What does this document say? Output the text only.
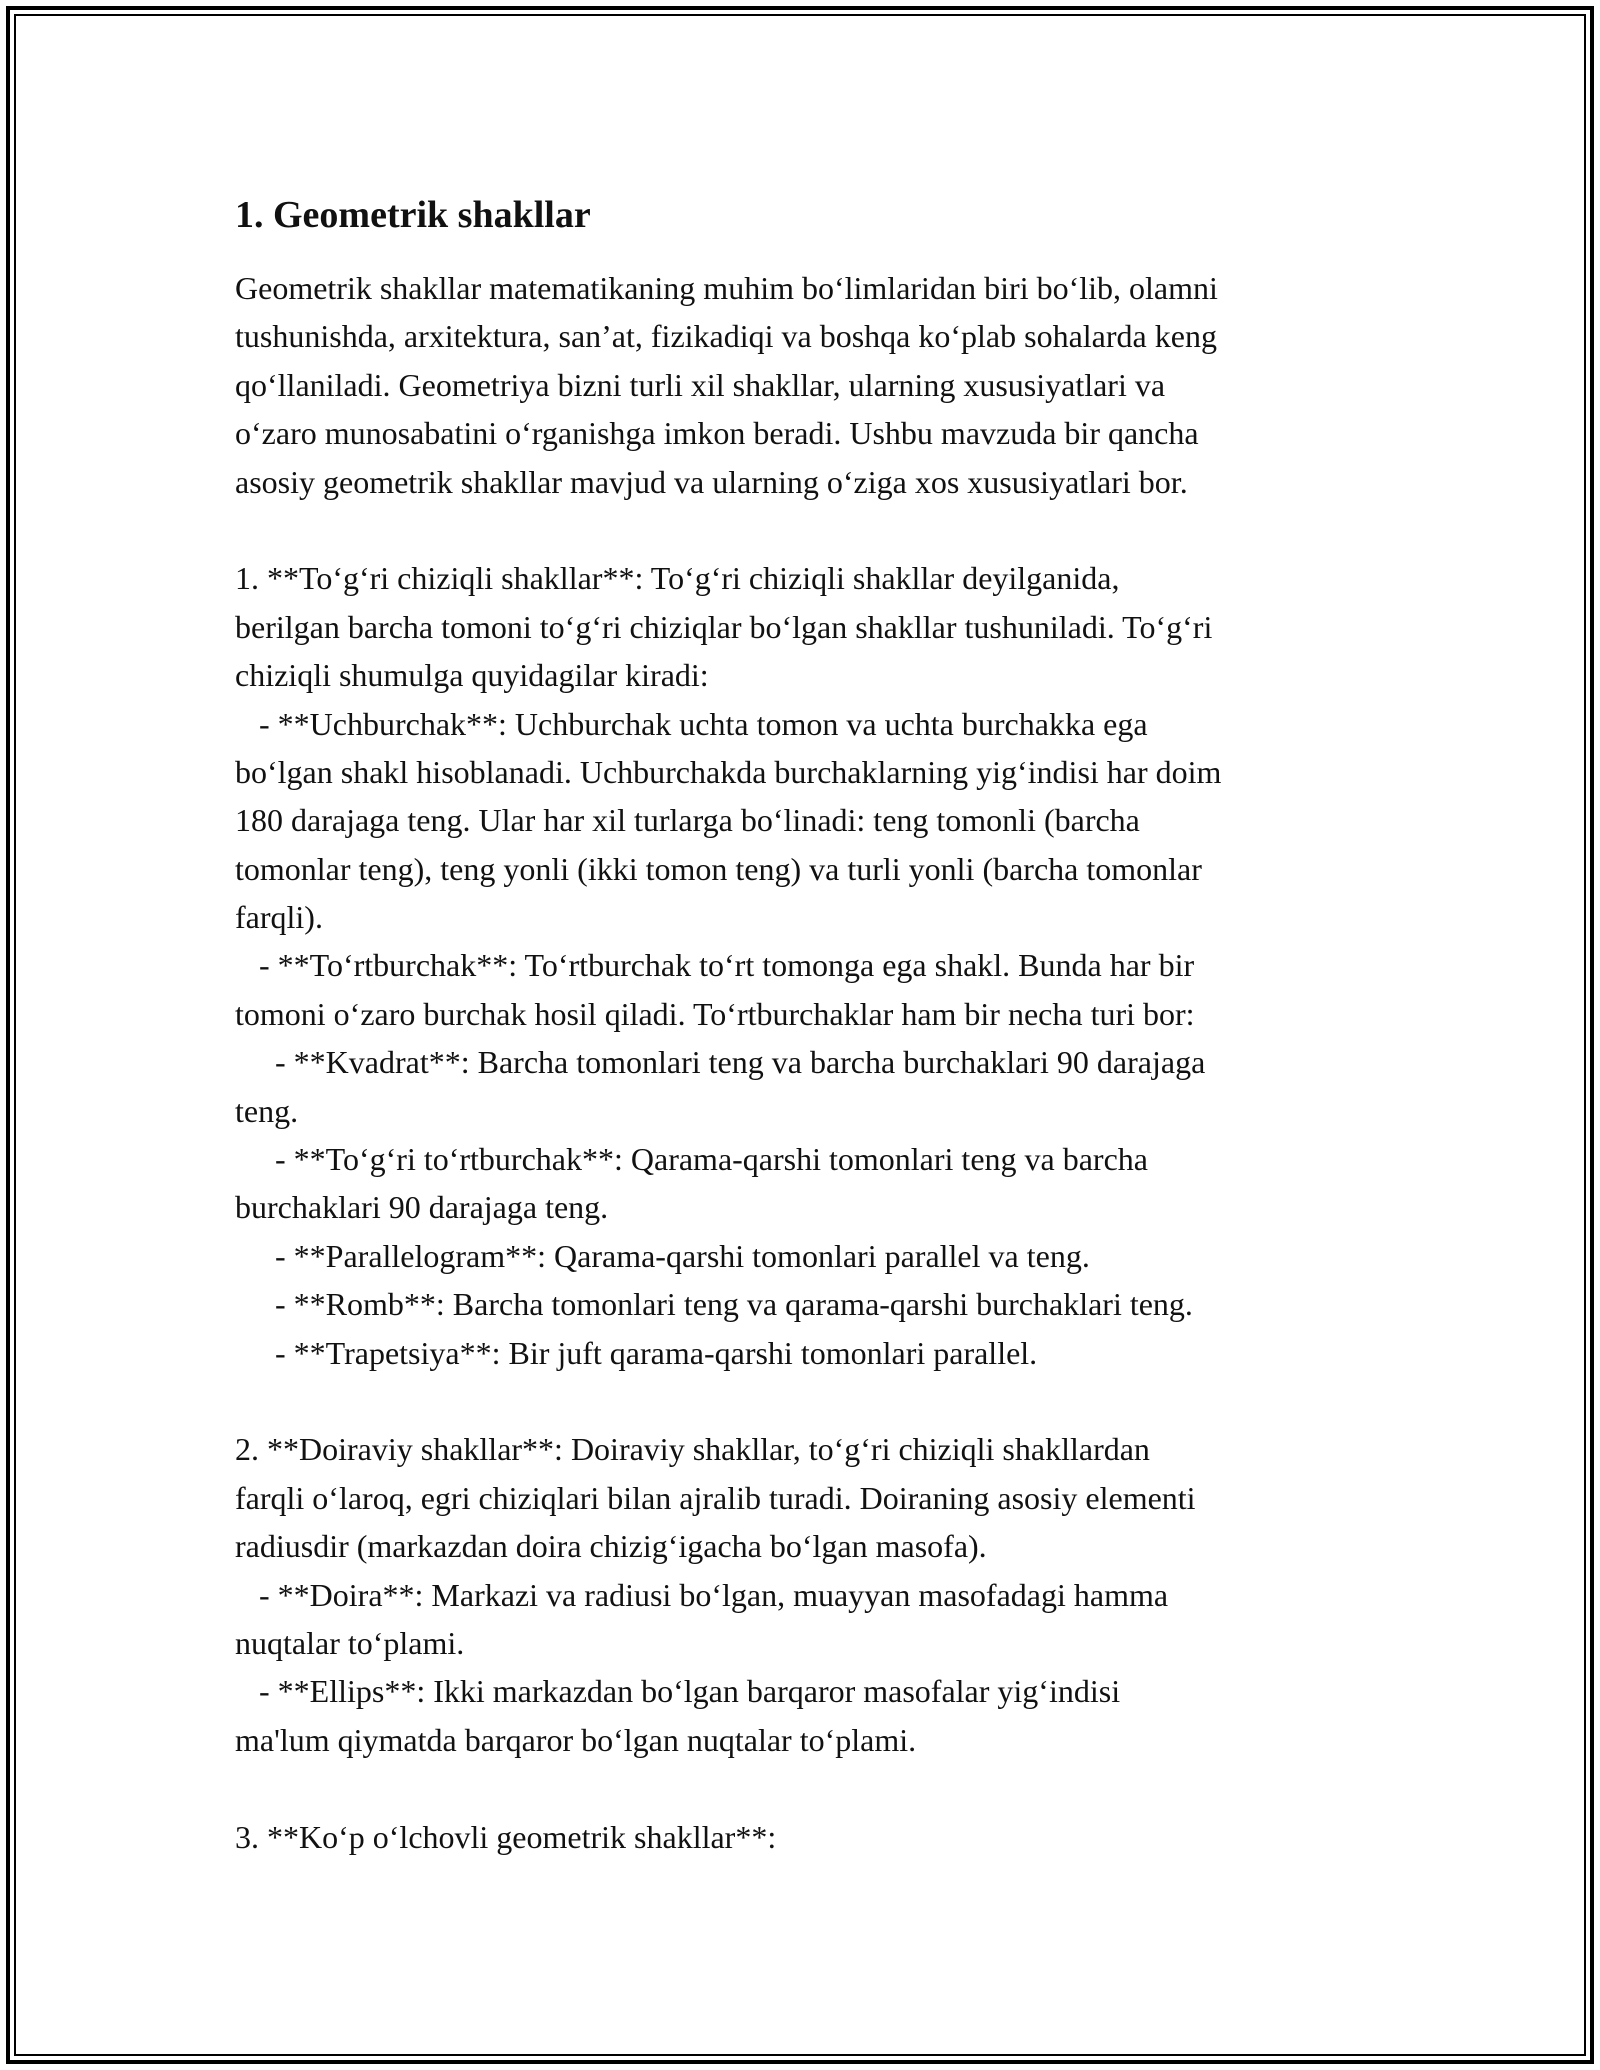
1. Geometrik shakllar
Geometrik shakllar matematikaning muhim bo‘limlaridan biri bo‘lib, olamni
tushunishda, arxitektura, san’at, fizikadiqi va boshqa ko‘plab sohalarda keng
qo‘llaniladi. Geometriya bizni turli xil shakllar, ularning xususiyatlari va
o‘zaro munosabatini o‘rganishga imkon beradi. Ushbu mavzuda bir qancha
asosiy geometrik shakllar mavjud va ularning o‘ziga xos xususiyatlari bor.
1. **To‘g‘ri chiziqli shakllar**: To‘g‘ri chiziqli shakllar deyilganida,
berilgan barcha tomoni to‘g‘ri chiziqlar bo‘lgan shakllar tushuniladi. To‘g‘ri
chiziqli shumulga quyidagilar kiradi:
- **Uchburchak**: Uchburchak uchta tomon va uchta burchakka ega
bo‘lgan shakl hisoblanadi. Uchburchakda burchaklarning yig‘indisi har doim
180 darajaga teng. Ular har xil turlarga bo‘linadi: teng tomonli (barcha
tomonlar teng), teng yonli (ikki tomon teng) va turli yonli (barcha tomonlar
farqli).
- **To‘rtburchak**: To‘rtburchak to‘rt tomonga ega shakl. Bunda har bir
tomoni o‘zaro burchak hosil qiladi. To‘rtburchaklar ham bir necha turi bor:
- **Kvadrat**: Barcha tomonlari teng va barcha burchaklari 90 darajaga
teng.
- **To‘g‘ri to‘rtburchak**: Qarama-qarshi tomonlari teng va barcha
burchaklari 90 darajaga teng.
- **Parallelogram**: Qarama-qarshi tomonlari parallel va teng.
- **Romb**: Barcha tomonlari teng va qarama-qarshi burchaklari teng.
- **Trapetsiya**: Bir juft qarama-qarshi tomonlari parallel.
2. **Doiraviy shakllar**: Doiraviy shakllar, to‘g‘ri chiziqli shakllardan
farqli o‘laroq, egri chiziqlari bilan ajralib turadi. Doiraning asosiy elementi
radiusdir (markazdan doira chizig‘igacha bo‘lgan masofa).
- **Doira**: Markazi va radiusi bo‘lgan, muayyan masofadagi hamma
nuqtalar to‘plami.
- **Ellips**: Ikki markazdan bo‘lgan barqaror masofalar yig‘indisi
ma'lum qiymatda barqaror bo‘lgan nuqtalar to‘plami.
3. **Ko‘p o‘lchovli geometrik shakllar**:
